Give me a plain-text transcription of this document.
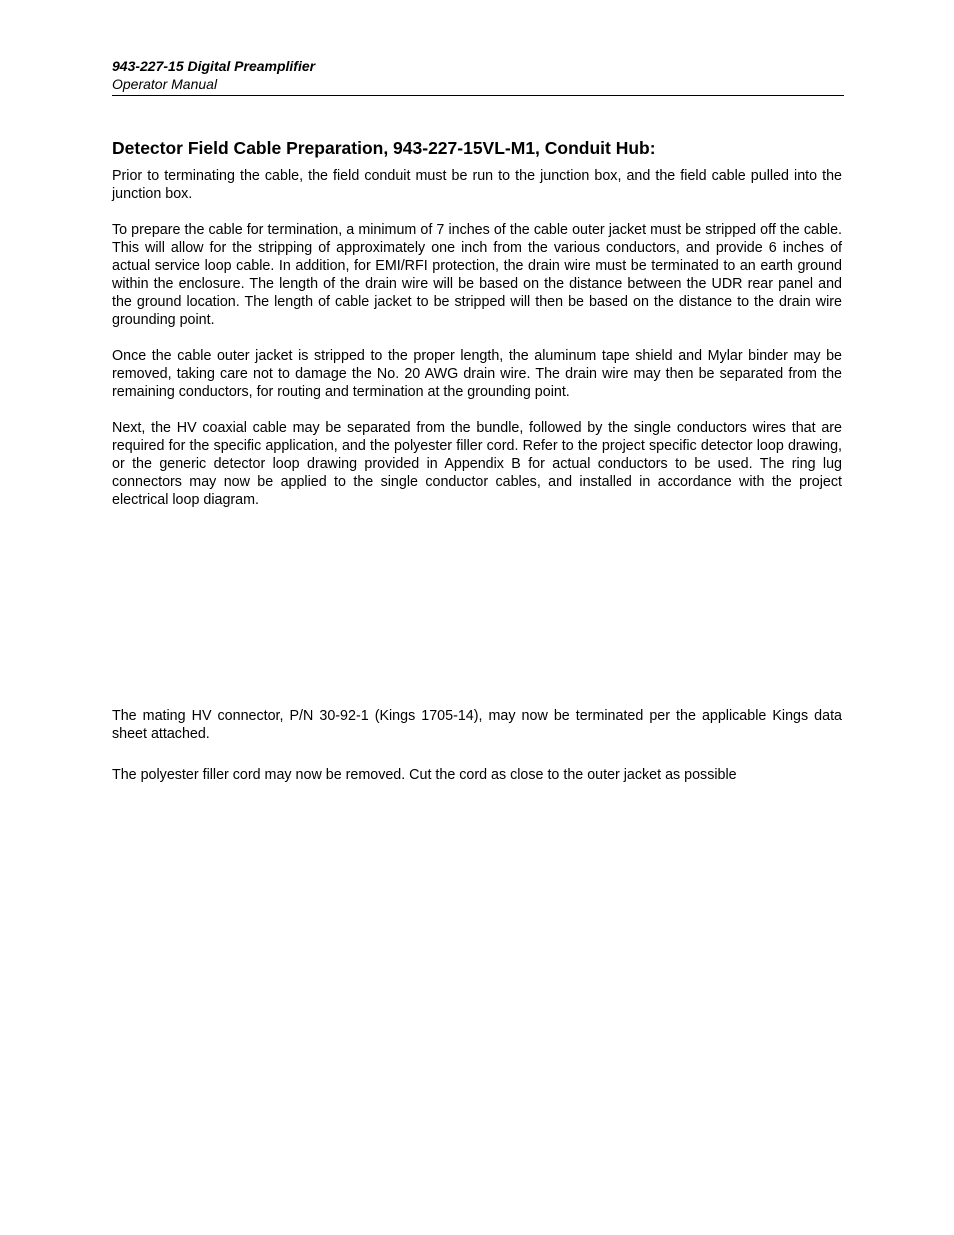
943-227-15 Digital Preamplifier
Operator Manual
Detector Field Cable Preparation, 943-227-15VL-M1, Conduit Hub:

Prior to terminating the cable, the field conduit must be run to the junction box, and the field cable pulled into the junction box.

To prepare the cable for termination, a minimum of 7 inches of the cable outer jacket must be stripped off the cable. This will allow for the stripping of approximately one inch from the various conductors, and provide 6 inches of actual service loop cable. In addition, for EMI/RFI protection, the drain wire must be terminated to an earth ground within the enclosure. The length of the drain wire will be based on the distance between the UDR rear panel and the ground location. The length of cable jacket to be stripped will then be based on the distance to the drain wire grounding point.

Once the cable outer jacket is stripped to the proper length, the aluminum tape shield and Mylar binder may be removed, taking care not to damage the No. 20 AWG drain wire. The drain wire may then be separated from the remaining conductors, for routing and termination at the grounding point.

Next, the HV coaxial cable may be separated from the bundle, followed by the single conductors wires that are required for the specific application, and the polyester filler cord. Refer to the project specific detector loop drawing, or the generic detector loop drawing provided in Appendix B for actual conductors to be used. The ring lug connectors may now be applied to the single conductor cables, and installed in accordance with the project electrical loop diagram.

The mating HV connector, P/N 30-92-1 (Kings 1705-14), may now be terminated per the applicable Kings data sheet attached.

The polyester filler cord may now be removed. Cut the cord as close to the outer jacket as possible
